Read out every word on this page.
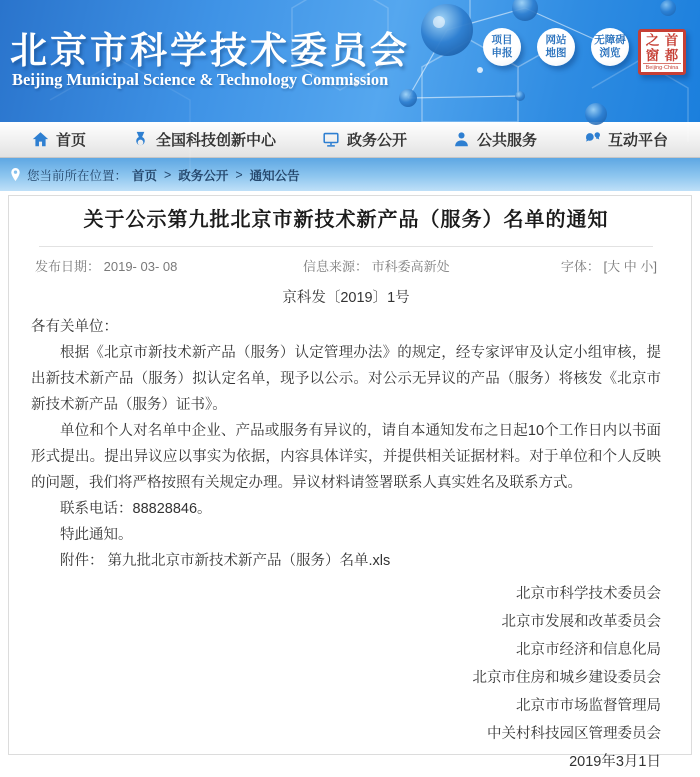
北京市科学技术委员会
Beijing Municipal Science & Technology Commission
项目
申报
网站
地图
无障碍
浏览
之 首
窗 都
Beijing·China
首页	全国科技创新中心	政务公开	公共服务	互动平台
您当前所在位置： 首页 > 政务公开 > 通知公告
关于公示第九批北京市新技术新产品（服务）名单的通知
发布日期： 2019- 03- 08	信息来源： 市科委高新处	字体： [大 中 小]
京科发〔2019〕1号
各有关单位：

根据《北京市新技术新产品（服务）认定管理办法》的规定，经专家评审及认定小组审核，提出新技术新产品（服务）拟认定名单，现予以公示。对公示无异议的产品（服务）将核发《北京市新技术新产品（服务）证书》。

单位和个人对名单中企业、产品或服务有异议的，请自本通知发布之日起10个工作日内以书面形式提出。提出异议应以事实为依据，内容具体详实，并提供相关证据材料。对于单位和个人反映的问题，我们将严格按照有关规定办理。异议材料请签署联系人真实姓名及联系方式。

联系电话：88828846。

特此通知。

附件： 第九批北京市新技术新产品（服务）名单.xls

北京市科学技术委员会
北京市发展和改革委员会
北京市经济和信息化局
北京市住房和城乡建设委员会
北京市市场监督管理局
中关村科技园区管理委员会
2019年3月1日
